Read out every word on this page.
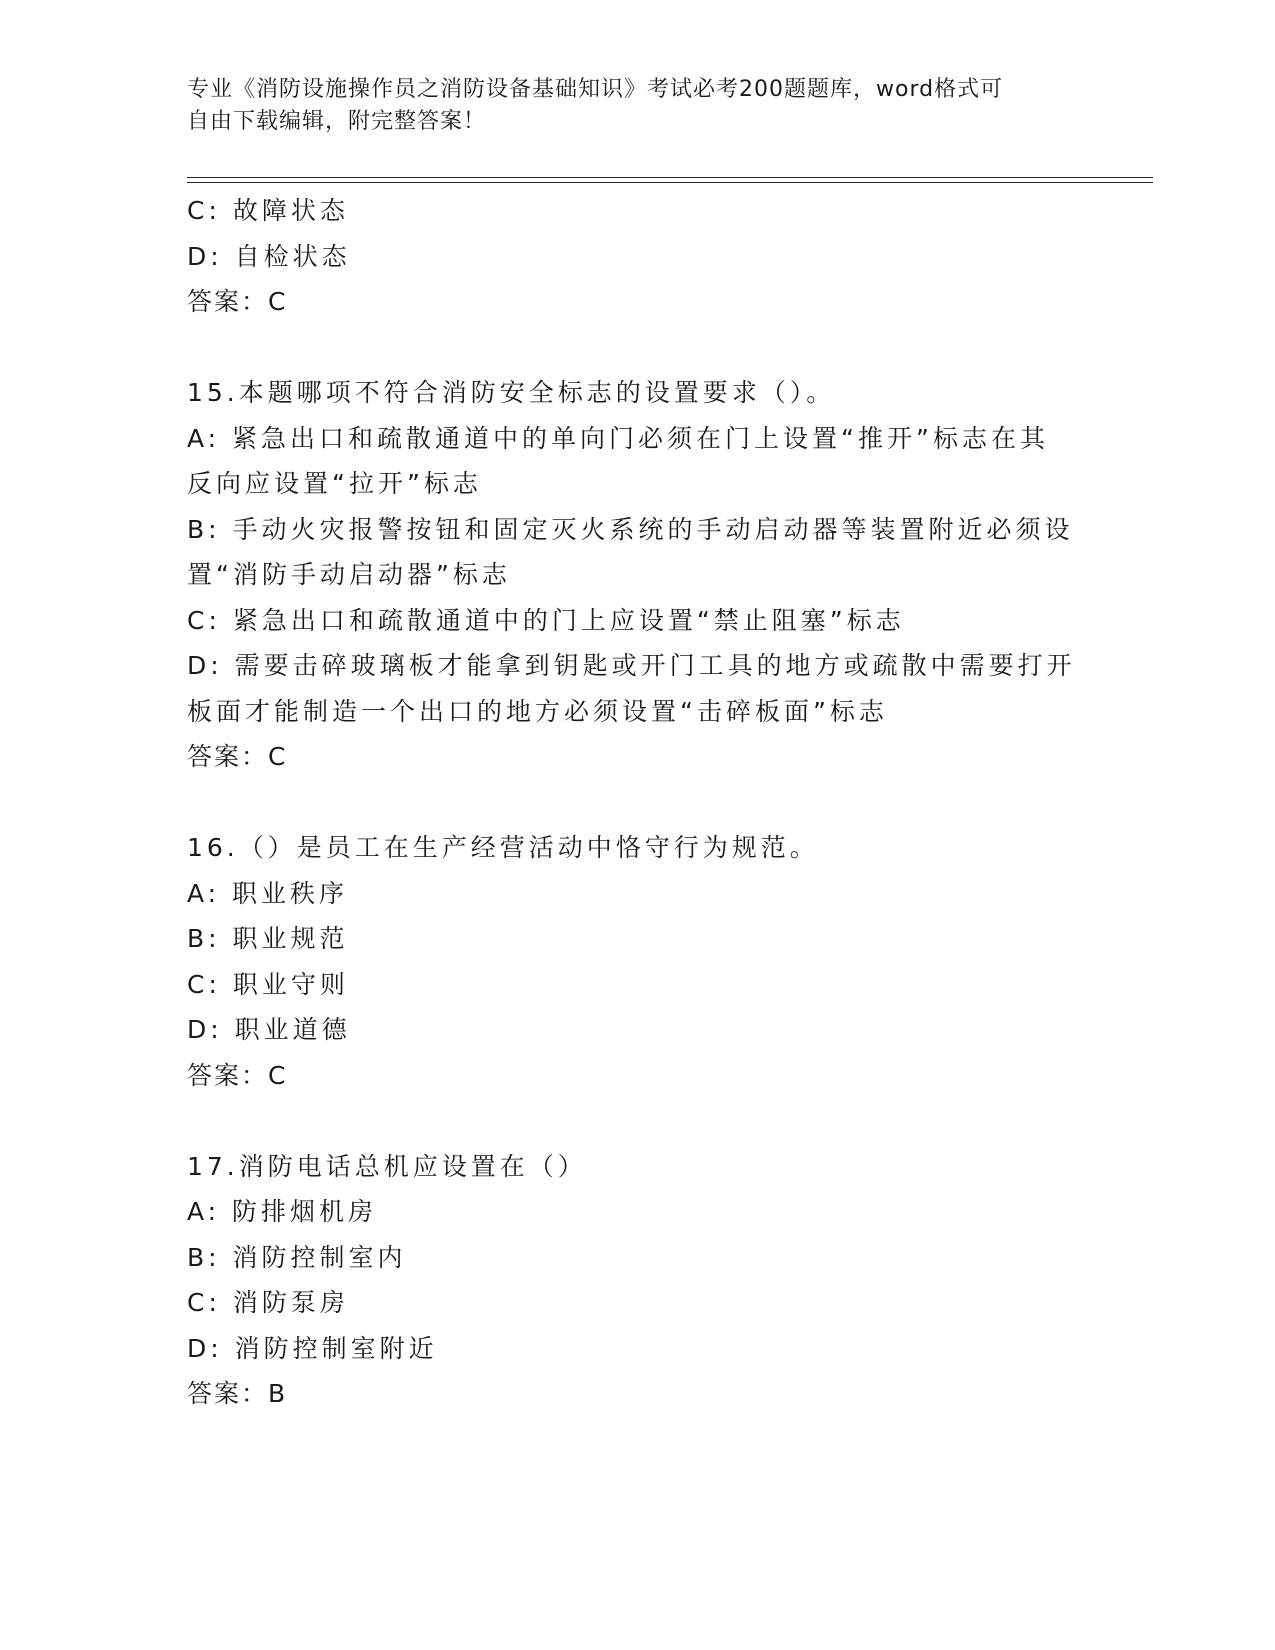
专业《消防设施操作员之消防设备基础知识》考试必考200题题库，word格式可
自由下载编辑，附完整答案！
C: 故障状态
D: 自检状态
答案：C
15.本题哪项不符合消防安全标志的设置要求（）。
A: 紧急出口和疏散通道中的单向门必须在门上设置“推开”标志在其
反向应设置“拉开”标志
B: 手动火灾报警按钮和固定灭火系统的手动启动器等装置附近必须设
置“消防手动启动器”标志
C: 紧急出口和疏散通道中的门上应设置“禁止阻塞”标志
D: 需要击碎玻璃板才能拿到钥匙或开门工具的地方或疏散中需要打开
板面才能制造一个出口的地方必须设置“击碎板面”标志
答案：C
16.（）是员工在生产经营活动中恪守行为规范。
A: 职业秩序
B: 职业规范
C: 职业守则
D: 职业道德
答案：C
17.消防电话总机应设置在（）
A: 防排烟机房
B: 消防控制室内
C: 消防泵房
D: 消防控制室附近
答案：B
